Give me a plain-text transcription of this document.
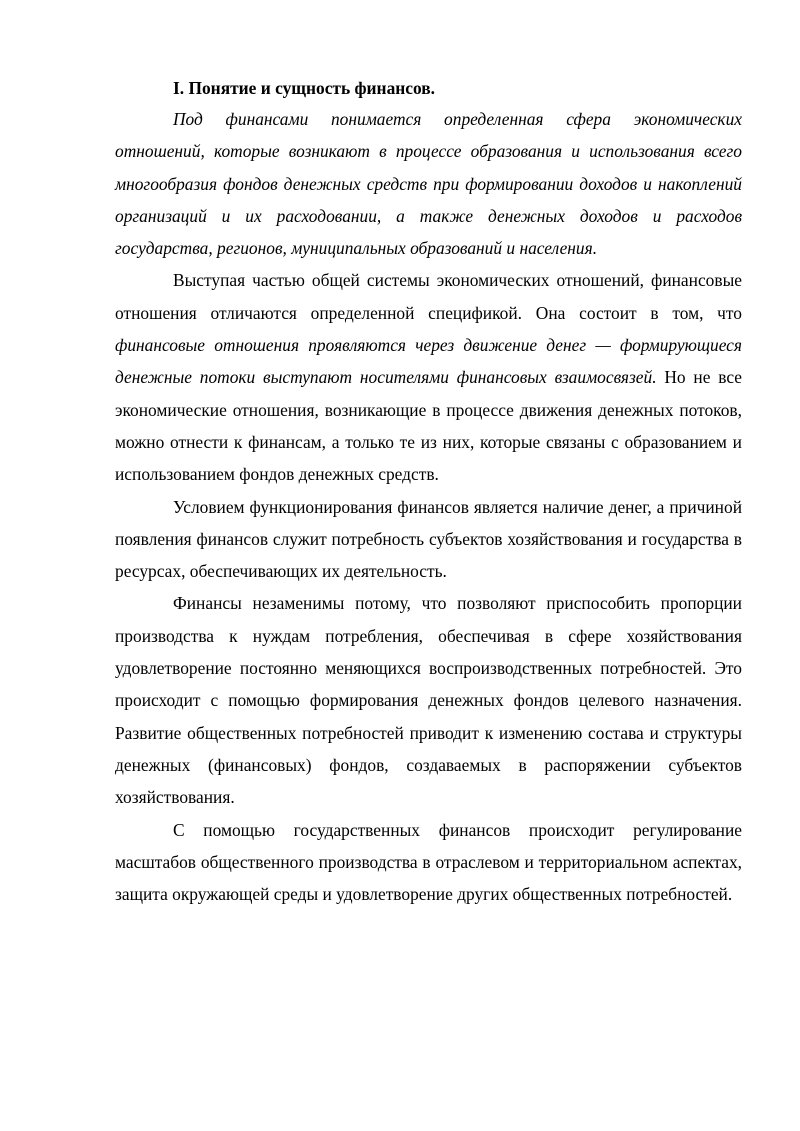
I. Понятие и сущность финансов.

Под финансами понимается определенная сфера экономических отношений, которые возникают в процессе образования и использования всего многообразия фондов денежных средств при формировании доходов и накоплений организаций и их расходовании, а также денежных доходов и расходов государства, регионов, муниципальных образований и населения.

Выступая частью общей системы экономических отношений, финансовые отношения отличаются определенной спецификой. Она состоит в том, что финансовые отношения проявляются через движение денег — формирующиеся денежные потоки выступают носителями финансовых взаимосвязей. Но не все экономические отношения, возникающие в процессе движения денежных потоков, можно отнести к финансам, а только те из них, которые связаны с образованием и использованием фондов денежных средств.

Условием функционирования финансов является наличие денег, а причиной появления финансов служит потребность субъектов хозяйствования и государства в ресурсах, обеспечивающих их деятельность.

Финансы незаменимы потому, что позволяют приспособить пропорции производства к нуждам потребления, обеспечивая в сфере хозяйствования удовлетворение постоянно меняющихся воспроизводственных потребностей. Это происходит с помощью формирования денежных фондов целевого назначения. Развитие общественных потребностей приводит к изменению состава и структуры денежных (финансовых) фондов, создаваемых в распоряжении субъектов хозяйствования.

С помощью государственных финансов происходит регулирование масштабов общественного производства в отраслевом и территориальном аспектах, защита окружающей среды и удовлетворение других общественных потребностей.
